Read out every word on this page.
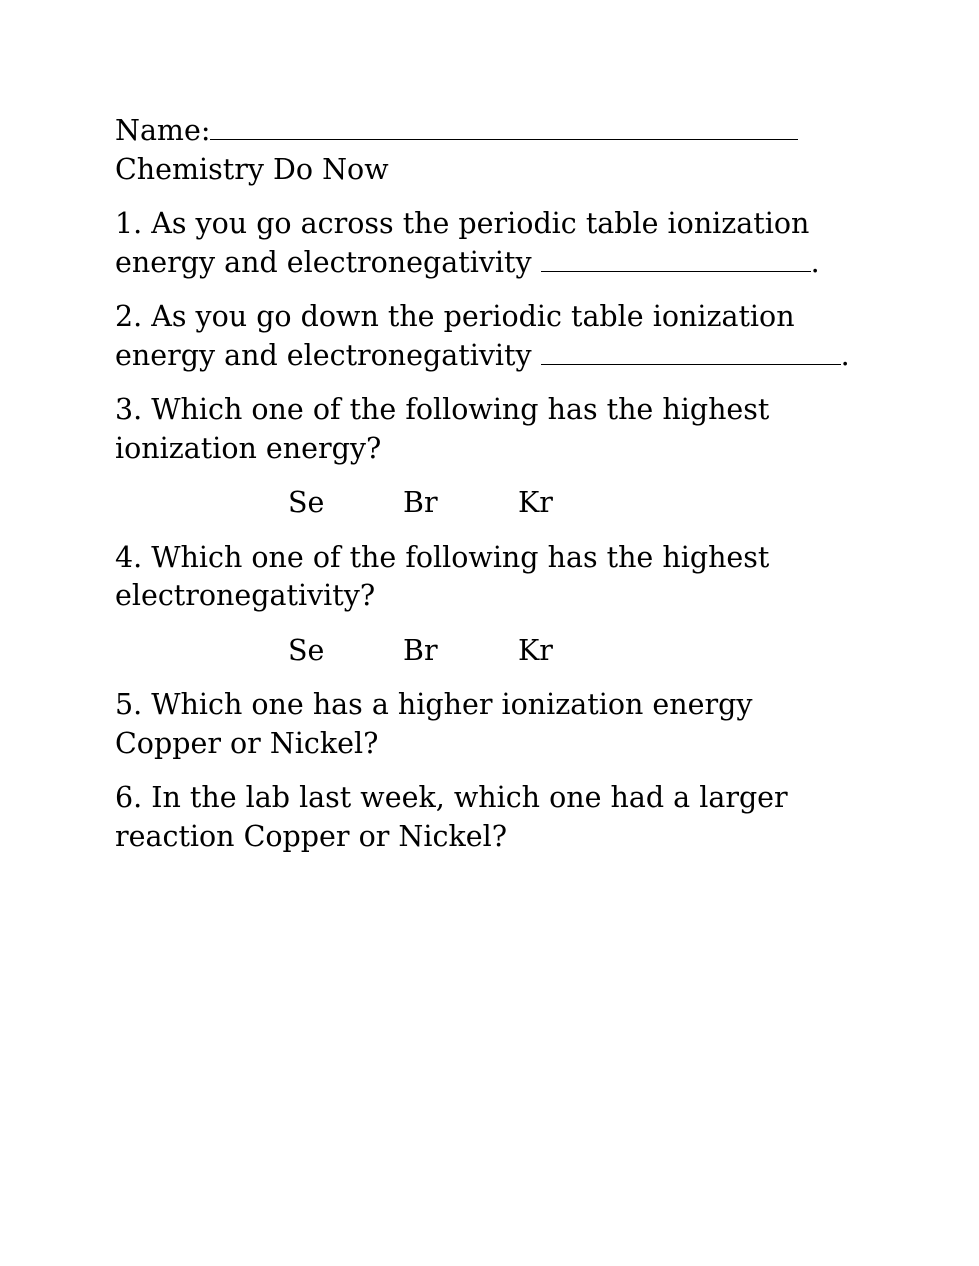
Name:
Chemistry Do Now
1. As you go across the periodic table ionization
energy and electronegativity	.
2. As you go down the periodic table ionization
energy and electronegativity	.
3. Which one of the following has the highest
ionization energy?
Se	Br	Kr
4. Which one of the following has the highest
electronegativity?
Se	Br	Kr
5. Which one has a higher ionization energy
Copper or Nickel?
6. In the lab last week, which one had a larger
reaction Copper or Nickel?
